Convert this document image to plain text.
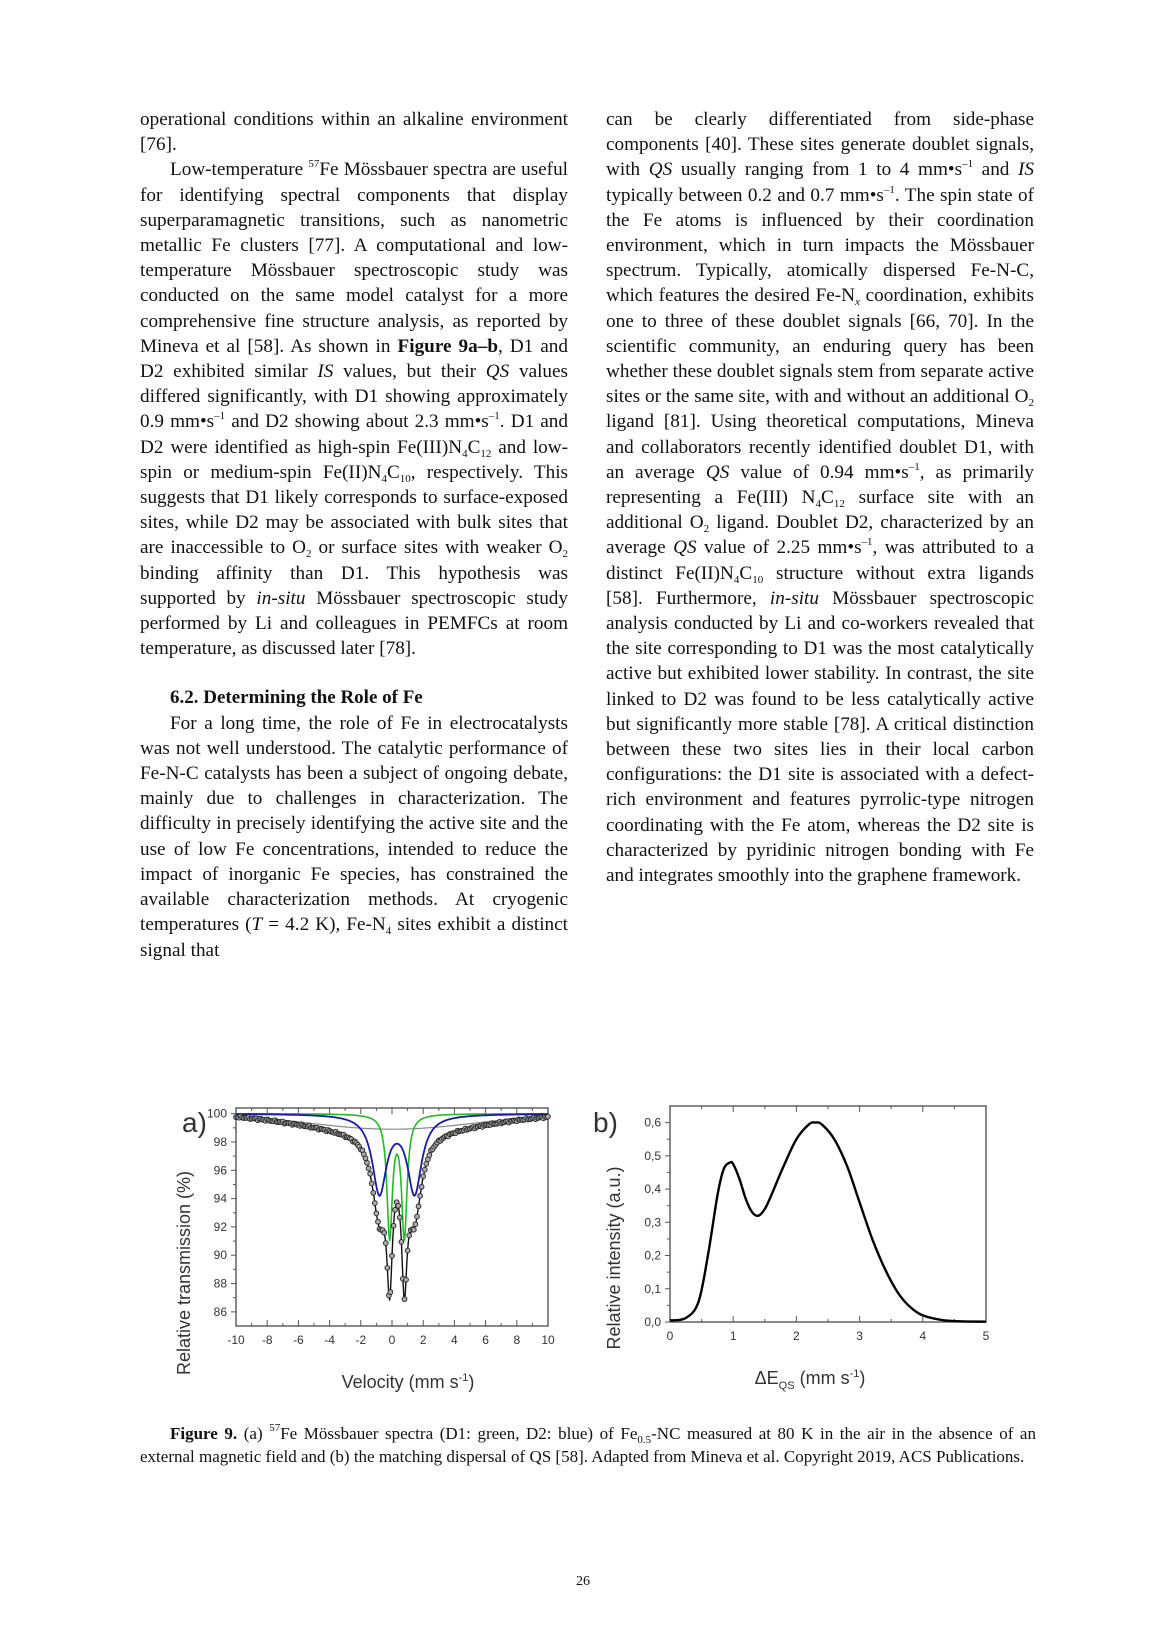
operational conditions within an alkaline environment [76].

Low-temperature $^{57}$Fe Mössbauer spectra are useful for identifying spectral components that display superparamagnetic transitions, such as nanometric metallic Fe clusters [77]. A computational and low-temperature Mössbauer spectroscopic study was conducted on the same model catalyst for a more comprehensive fine structure analysis, as reported by Mineva et al [58]. As shown in Figure 9a–b, D1 and D2 exhibited similar IS values, but their QS values differed significantly, with D1 showing approximately 0.9 $mm•s^{-1}$ and D2 showing about 2.3 $mm•s^{-1}$. D1 and D2 were identified as high-spin $Fe(III)N_4C_{12}$ and low-spin or medium-spin $Fe(II)N_4C_{10}$, respectively. This suggests that D1 likely corresponds to surface-exposed sites, while D2 may be associated with bulk sites that are inaccessible to $O_2$ or surface sites with weaker $O_2$ binding affinity than D1. This hypothesis was supported by in-situ Mössbauer spectroscopic study performed by Li and colleagues in PEMFCs at room temperature, as discussed later [78].

6.2. Determining the Role of Fe

For a long time, the role of Fe in electrocatalysts was not well understood. The catalytic performance of Fe-N-C catalysts has been a subject of ongoing debate, mainly due to challenges in characterization. The difficulty in precisely identifying the active site and the use of low Fe concentrations, intended to reduce the impact of inorganic Fe species, has constrained the available characterization methods. At cryogenic temperatures (T = 4.2 K), $Fe-N_4$ sites exhibit a distinct signal that

can be clearly differentiated from side-phase components [40]. These sites generate doublet signals, with QS usually ranging from 1 to 4 $mm•s^{-1}$ and IS typically between 0.2 and 0.7 $mm•s^{-1}$. The spin state of the Fe atoms is influenced by their coordination environment, which in turn impacts the Mössbauer spectrum. Typically, atomically dispersed Fe-N-C, which features the desired $Fe-N_x$ coordination, exhibits one to three of these doublet signals [66, 70]. In the scientific community, an enduring query has been whether these doublet signals stem from separate active sites or the same site, with and without an additional $O_2$ ligand [81]. Using theoretical computations, Mineva and collaborators recently identified doublet D1, with an average QS value of 0.94 $mm•s^{-1}$, as primarily representing a Fe(III) $N_4C_{12}$ surface site with an additional $O_2$ ligand. Doublet D2, characterized by an average QS value of 2.25 $mm•s^{-1}$, was attributed to a distinct $Fe(II)N_4C_{10}$ structure without extra ligands [58]. Furthermore, in-situ Mössbauer spectroscopic analysis conducted by Li and co-workers revealed that the site corresponding to D1 was the most catalytically active but exhibited lower stability. In contrast, the site linked to D2 was found to be less catalytically active but significantly more stable [78]. A critical distinction between these two sites lies in their local carbon configurations: the D1 site is associated with a defect-rich environment and features pyrrolic-type nitrogen coordinating with the Fe atom, whereas the D2 site is characterized by pyridinic nitrogen bonding with Fe and integrates smoothly into the graphene framework.

a)
Relative transmission (%)
Velocity (mm $s^{-1}$)
-10 -8 -6 -4 -2 0 2 4 6 8 10
86
88
90
92
94
96
98
100	b)
Relative intensity (a.u.)
$\Delta E_{QS}$ (mm $s^{-1}$)
0	1	2	3	4	5
0,0
0,1
0,2
0,3
0,4
0,5
0,6
Figure 9. (a) $^{57}$Fe Mössbauer spectra (D1: green, D2: blue) of $Fe_{0.5}-NC$ measured at 80 K in the air in the absence of an external magnetic field and (b) the matching dispersal of QS [58]. Adapted from Mineva et al. Copyright 2019, ACS Publications.
26
